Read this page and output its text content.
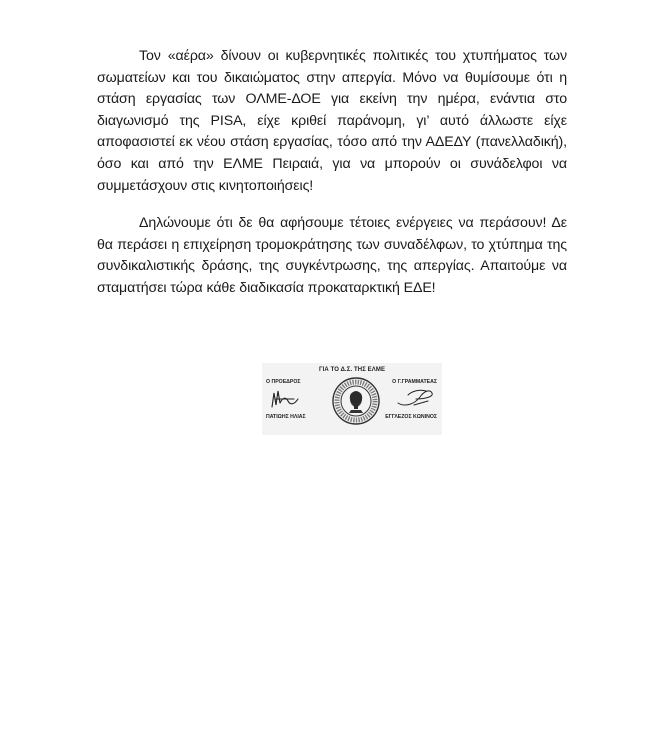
Τον «αέρα» δίνουν οι κυβερνητικές πολιτικές του χτυπήματος των σωματείων και του δικαιώματος στην απεργία. Μόνο να θυμίσουμε ότι η στάση εργασίας των ΟΛΜΕ-ΔΟΕ για εκείνη την ημέρα, ενάντια στο διαγωνισμό της PISA, είχε κριθεί παράνομη, γι’ αυτό άλλωστε είχε αποφασιστεί εκ νέου στάση εργασίας, τόσο από την ΑΔΕΔΥ (πανελλαδική), όσο και από την ΕΛΜΕ Πειραιά, για να μπορούν οι συνάδελφοι να συμμετάσχουν στις κινητοποιήσεις!

Δηλώνουμε ότι δε θα αφήσουμε τέτοιες ενέργειες να περάσουν! Δε θα περάσει η επιχείρηση τρομοκράτησης των συναδέλφων, το χτύπημα της συνδικαλιστικής δράσης, της συγκέντρωσης, της απεργίας. Απαιτούμε να σταματήσει τώρα κάθε διαδικασία προκαταρκτική ΕΔΕ!

ΓΙΑ ΤΟ Δ.Σ. ΤΗΣ ΕΛΜΕ
Ο ΠΡΟΕΔΡΟΣ	Ο Γ.ΓΡΑΜΜΑΤΕΑΣ
ΠΑΤΙΩΗΣ ΗΛΙΑΣ	ΕΓΓΛΕΖΟΣ ΚΩΝΙΝΟΣ
